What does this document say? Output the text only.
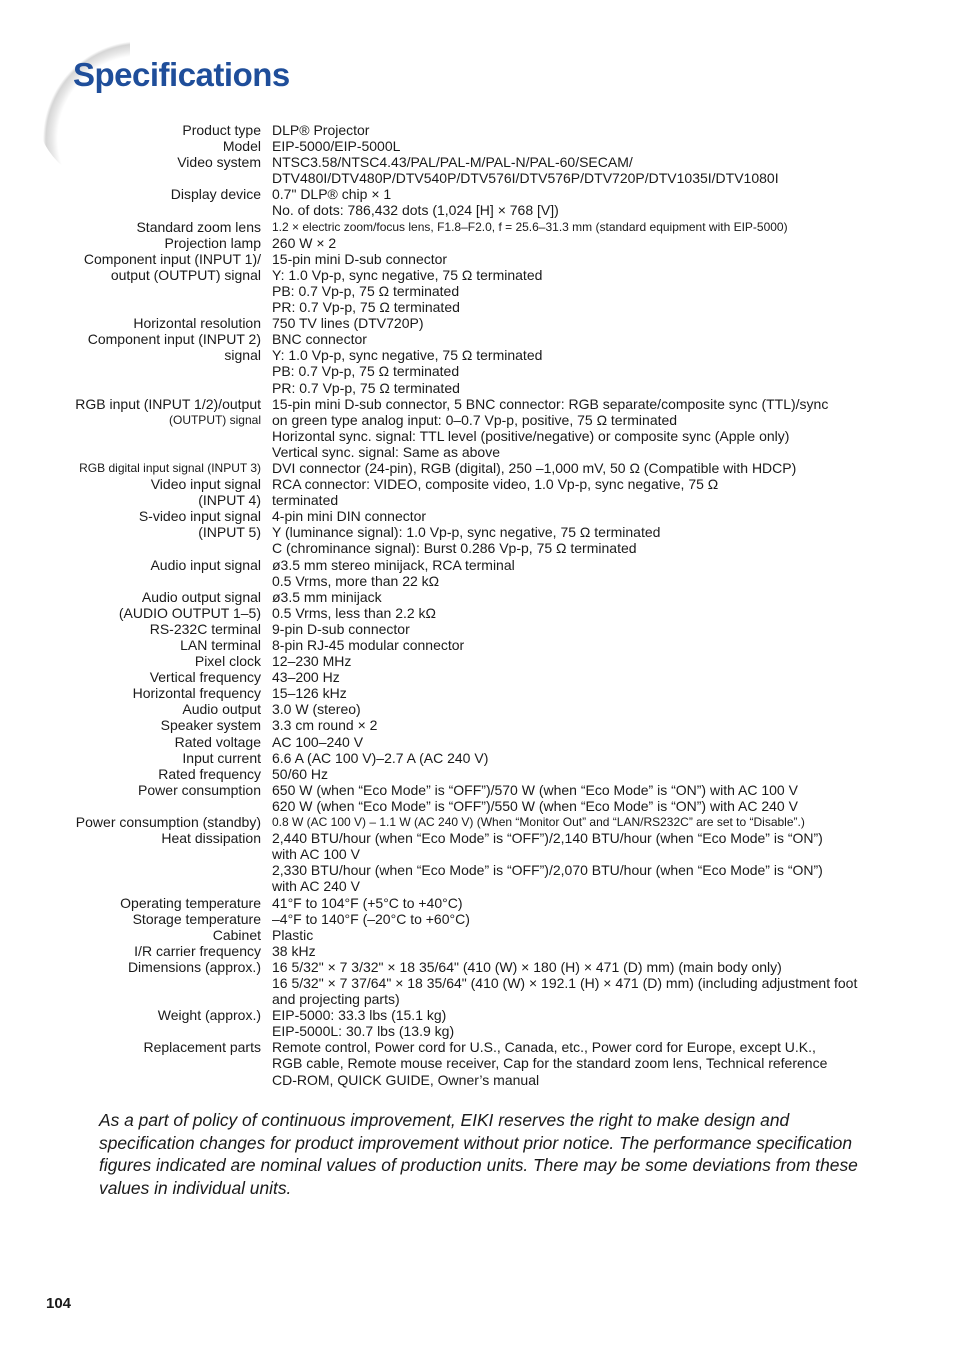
Specifications
Product type DLP® Projector
Model EIP-5000/EIP-5000L
Video system NTSC3.58/NTSC4.43/PAL/PAL-M/PAL-N/PAL-60/SECAM/
DTV480I/DTV480P/DTV540P/DTV576I/DTV576P/DTV720P/DTV1035I/DTV1080I
Display device 0.7" DLP® chip × 1
No. of dots: 786,432 dots (1,024 [H] × 768 [V])
Standard zoom lens 1.2 × electric zoom/focus lens, F1.8–F2.0, f = 25.6–31.3 mm (standard equipment with EIP-5000)
Projection lamp 260 W × 2
Component input (INPUT 1)/ 15-pin mini D-sub connector
output (OUTPUT) signal Y: 1.0 Vp-p, sync negative, 75 Ω terminated
PB: 0.7 Vp-p, 75 Ω terminated
PR: 0.7 Vp-p, 75 Ω terminated
Horizontal resolution 750 TV lines (DTV720P)
Component input (INPUT 2) BNC connector
signal Y: 1.0 Vp-p, sync negative, 75 Ω terminated
PB: 0.7 Vp-p, 75 Ω terminated
PR: 0.7 Vp-p, 75 Ω terminated
RGB input (INPUT 1/2)/output 15-pin mini D-sub connector, 5 BNC connector: RGB separate/composite sync (TTL)/sync
(OUTPUT) signal on green type analog input: 0–0.7 Vp-p, positive, 75 Ω terminated
Horizontal sync. signal: TTL level (positive/negative) or composite sync (Apple only)
Vertical sync. signal: Same as above
RGB digital input signal (INPUT 3) DVI connector (24-pin), RGB (digital), 250 –1,000 mV, 50 Ω (Compatible with HDCP)
Video input signal RCA connector: VIDEO, composite video, 1.0 Vp-p, sync negative, 75 Ω
(INPUT 4) terminated
S-video input signal 4-pin mini DIN connector
(INPUT 5) Y (luminance signal): 1.0 Vp-p, sync negative, 75 Ω terminated
C (chrominance signal): Burst 0.286 Vp-p, 75 Ω terminated
Audio input signal ø3.5 mm stereo minijack, RCA terminal
0.5 Vrms, more than 22 kΩ
Audio output signal ø3.5 mm minijack
(AUDIO OUTPUT 1–5) 0.5 Vrms, less than 2.2 kΩ
RS-232C terminal 9-pin D-sub connector
LAN terminal 8-pin RJ-45 modular connector
Pixel clock 12–230 MHz
Vertical frequency 43–200 Hz
Horizontal frequency 15–126 kHz
Audio output 3.0 W (stereo)
Speaker system 3.3 cm round × 2
Rated voltage AC 100–240 V
Input current 6.6 A (AC 100 V)–2.7 A (AC 240 V)
Rated frequency 50/60 Hz
Power consumption 650 W (when “Eco Mode” is “OFF”)/570 W (when “Eco Mode” is “ON”) with AC 100 V
620 W (when “Eco Mode” is “OFF”)/550 W (when “Eco Mode” is “ON”) with AC 240 V
Power consumption (standby) 0.8 W (AC 100 V) – 1.1 W (AC 240 V) (When “Monitor Out” and “LAN/RS232C” are set to “Disable”.)
Heat dissipation 2,440 BTU/hour (when “Eco Mode” is “OFF”)/2,140 BTU/hour (when “Eco Mode” is “ON”)
with AC 100 V
2,330 BTU/hour (when “Eco Mode” is “OFF”)/2,070 BTU/hour (when “Eco Mode” is “ON”)
with AC 240 V
Operating temperature 41°F to 104°F (+5°C to +40°C)
Storage temperature –4°F to 140°F (–20°C to +60°C)
Cabinet Plastic
I/R carrier frequency 38 kHz
Dimensions (approx.) 16 5/32" × 7 3/32" × 18 35/64" (410 (W) × 180 (H) × 471 (D) mm) (main body only)
16 5/32" × 7 37/64" × 18 35/64" (410 (W) × 192.1 (H) × 471 (D) mm) (including adjustment foot
and projecting parts)
Weight (approx.) EIP-5000: 33.3 lbs (15.1 kg)
EIP-5000L: 30.7 lbs (13.9 kg)
Replacement parts Remote control, Power cord for U.S., Canada, etc., Power cord for Europe, except U.K.,
RGB cable, Remote mouse receiver, Cap for the standard zoom lens, Technical reference
CD-ROM, QUICK GUIDE, Owner’s manual
As a part of policy of continuous improvement, EIKI reserves the right to make design and specification changes for product improvement without prior notice. The performance specification figures indicated are nominal values of production units. There may be some deviations from these values in individual units.
104
